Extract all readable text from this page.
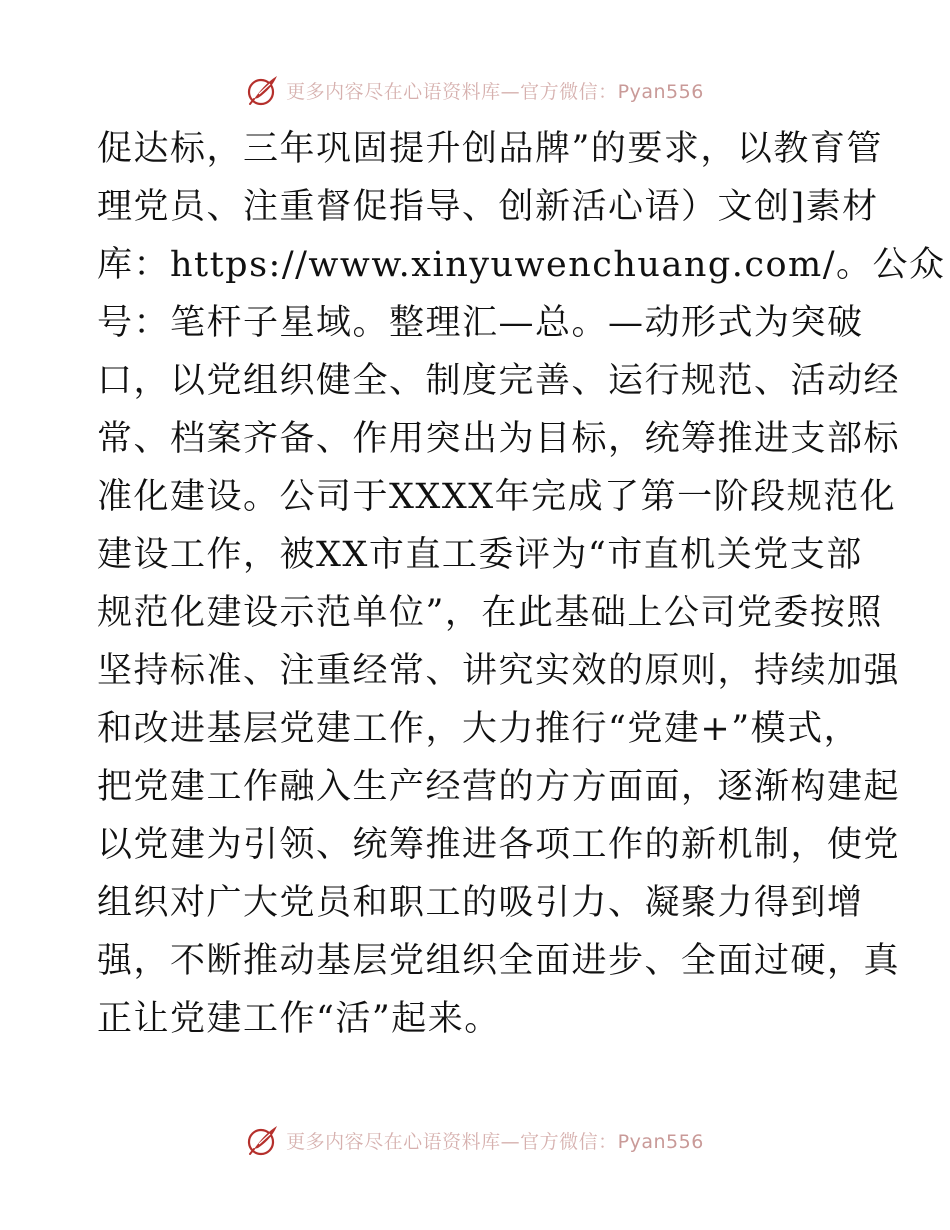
更多内容尽在心语资料库—官方微信：Pyan556
促达标，三年巩固提升创品牌”的要求，以教育管
理党员、注重督促指导、创新活心语）文创]素材
库：https://www.xinyuwenchuang.com/。公众
号：笔杆子星域。整理汇—总。—动形式为突破
口，以党组织健全、制度完善、运行规范、活动经
常、档案齐备、作用突出为目标，统筹推进支部标
准化建设。公司于XXXX年完成了第一阶段规范化
建设工作，被XX市直工委评为“市直机关党支部
规范化建设示范单位”，在此基础上公司党委按照
坚持标准、注重经常、讲究实效的原则，持续加强
和改进基层党建工作，大力推行“党建+”模式，
把党建工作融入生产经营的方方面面，逐渐构建起
以党建为引领、统筹推进各项工作的新机制，使党
组织对广大党员和职工的吸引力、凝聚力得到增
强，不断推动基层党组织全面进步、全面过硬，真
正让党建工作“活”起来。
更多内容尽在心语资料库—官方微信：Pyan556
